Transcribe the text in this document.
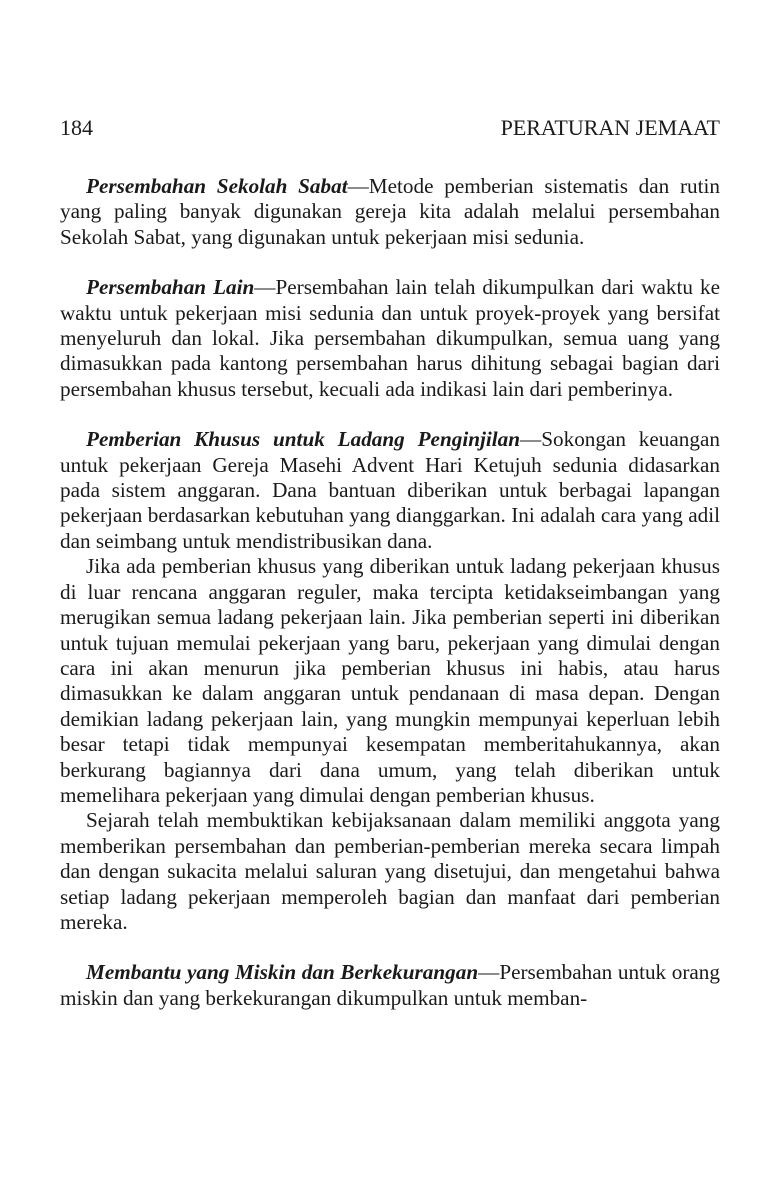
184	PERATURAN JEMAAT

Persembahan Sekolah Sabat—Metode pemberian sistematis dan rutin yang paling banyak digunakan gereja kita adalah melalui persembahan Sekolah Sabat, yang digunakan untuk pekerjaan misi sedunia.

Persembahan Lain—Persembahan lain telah dikumpulkan dari waktu ke waktu untuk pekerjaan misi sedunia dan untuk proyek-proyek yang bersifat menyeluruh dan lokal. Jika persembahan dikumpulkan, semua uang yang dimasukkan pada kantong persembahan harus dihitung sebagai bagian dari persembahan khusus tersebut, kecuali ada indikasi lain dari pemberinya.

Pemberian Khusus untuk Ladang Penginjilan—Sokongan keuangan untuk pekerjaan Gereja Masehi Advent Hari Ketujuh sedunia didasarkan pada sistem anggaran. Dana bantuan diberikan untuk berbagai lapangan pekerjaan berdasarkan kebutuhan yang dianggarkan. Ini adalah cara yang adil dan seimbang untuk mendistribusikan dana.

Jika ada pemberian khusus yang diberikan untuk ladang pekerjaan khusus di luar rencana anggaran reguler, maka tercipta ketidakseimbangan yang merugikan semua ladang pekerjaan lain. Jika pemberian seperti ini diberikan untuk tujuan memulai pekerjaan yang baru, pekerjaan yang dimulai dengan cara ini akan menurun jika pemberian khusus ini habis, atau harus dimasukkan ke dalam anggaran untuk pendanaan di masa depan. Dengan demikian ladang pekerjaan lain, yang mungkin mempunyai keperluan lebih besar tetapi tidak mempunyai kesempatan memberitahukannya, akan berkurang bagiannya dari dana umum, yang telah diberikan untuk memelihara pekerjaan yang dimulai dengan pemberian khusus.

Sejarah telah membuktikan kebijaksanaan dalam memiliki anggota yang memberikan persembahan dan pemberian-pemberian mereka secara limpah dan dengan sukacita melalui saluran yang disetujui, dan mengetahui bahwa setiap ladang pekerjaan memperoleh bagian dan manfaat dari pemberian mereka.

Membantu yang Miskin dan Berkekurangan—Persembahan untuk orang miskin dan yang berkekurangan dikumpulkan untuk memban-
